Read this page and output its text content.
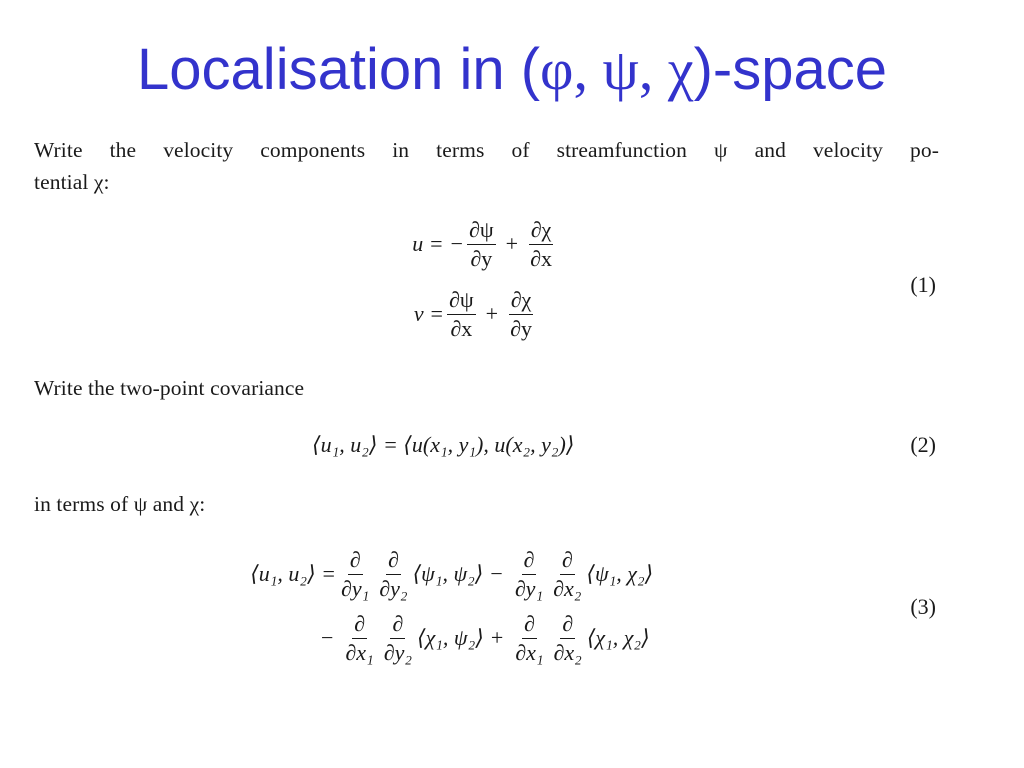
Localisation in (φ, ψ, χ)-space
Write the velocity components in terms of streamfunction ψ and velocity po-
tential χ:
u = − $\frac{\partial\psi}{\partial y} + \frac{\partial\chi}{\partial x}$
$v = \frac{\partial\psi}{\partial x} + \frac{\partial\chi}{\partial y}$
(1)
Write the two-point covariance
⟨u₁, u₂⟩ = ⟨u(x₁, y₁), u(x₂, y₂)⟩	(2)
in terms of ψ and χ:
⟨u₁, u₂⟩ = $\frac{\partial}{\text{∂y₁}} \frac{\partial}{\text{∂y₂}}$ ⟨ψ₁, ψ₂⟩ − $\frac{\partial}{\text{∂y₁}} \frac{\partial}{\text{∂x₂}}$ ⟨ψ₁, χ₂⟩
− $\frac{\partial}{\text{∂x₁}} \frac{\partial}{\text{∂y₂}}$ ⟨χ₁, ψ₂⟩ + $\frac{\partial}{\text{∂x₁}} \frac{\partial}{\text{∂x₂}}$ ⟨χ₁, χ₂⟩
(3)
